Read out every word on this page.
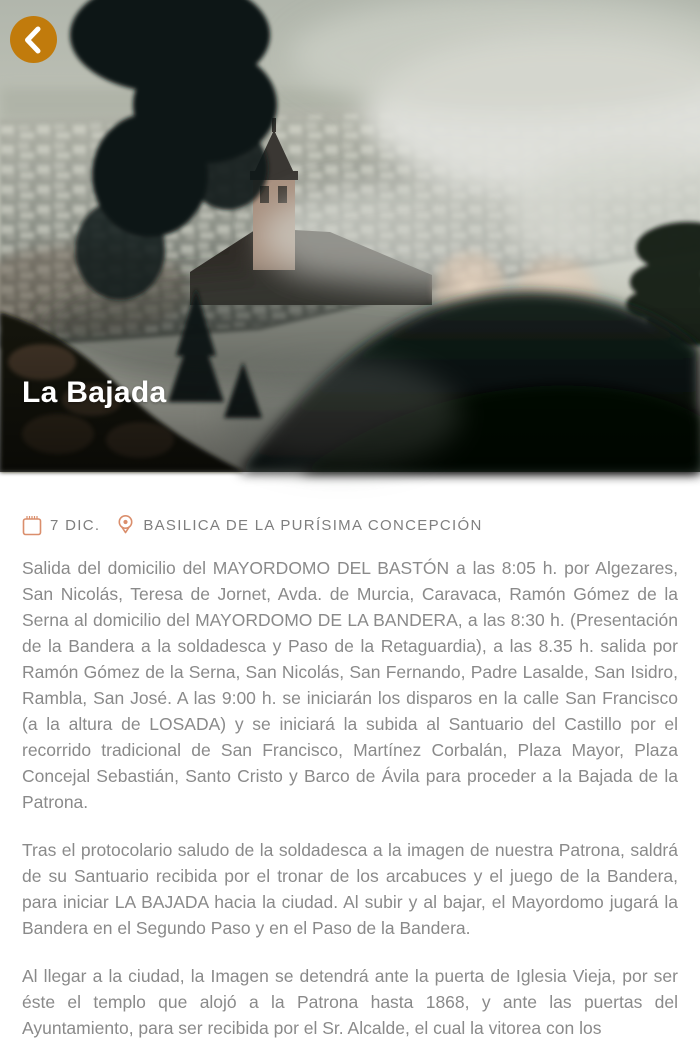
La Bajada
7 DIC.	BASILICA DE LA PURÍSIMA CONCEPCIÓN

Salida del domicilio del MAYORDOMO DEL BASTÓN a las 8:05 h. por Algezares, San Nicolás, Teresa de Jornet, Avda. de Murcia, Caravaca, Ramón Gómez de la Serna al domicilio del MAYORDOMO DE LA BANDERA, a las 8:30 h. (Presentación de la Bandera a la soldadesca y Paso de la Retaguardia), a las 8.35 h. salida por Ramón Gómez de la Serna, San Nicolás, San Fernando, Padre Lasalde, San Isidro, Rambla, San José. A las 9:00 h. se iniciarán los disparos en la calle San Francisco (a la altura de LOSADA) y se iniciará la subida al Santuario del Castillo por el recorrido tradicional de San Francisco, Martínez Corbalán, Plaza Mayor, Plaza Concejal Sebastián, Santo Cristo y Barco de Ávila para proceder a la Bajada de la Patrona.

Tras el protocolario saludo de la soldadesca a la imagen de nuestra Patrona, saldrá de su Santuario recibida por el tronar de los arcabuces y el juego de la Bandera, para iniciar LA BAJADA hacia la ciudad. Al subir y al bajar, el Mayordomo jugará la Bandera en el Segundo Paso y en el Paso de la Bandera.

Al llegar a la ciudad, la Imagen se detendrá ante la puerta de Iglesia Vieja, por ser éste el templo que alojó a la Patrona hasta 1868, y ante las puertas del Ayuntamiento, para ser recibida por el Sr. Alcalde, el cual la vitorea con los
